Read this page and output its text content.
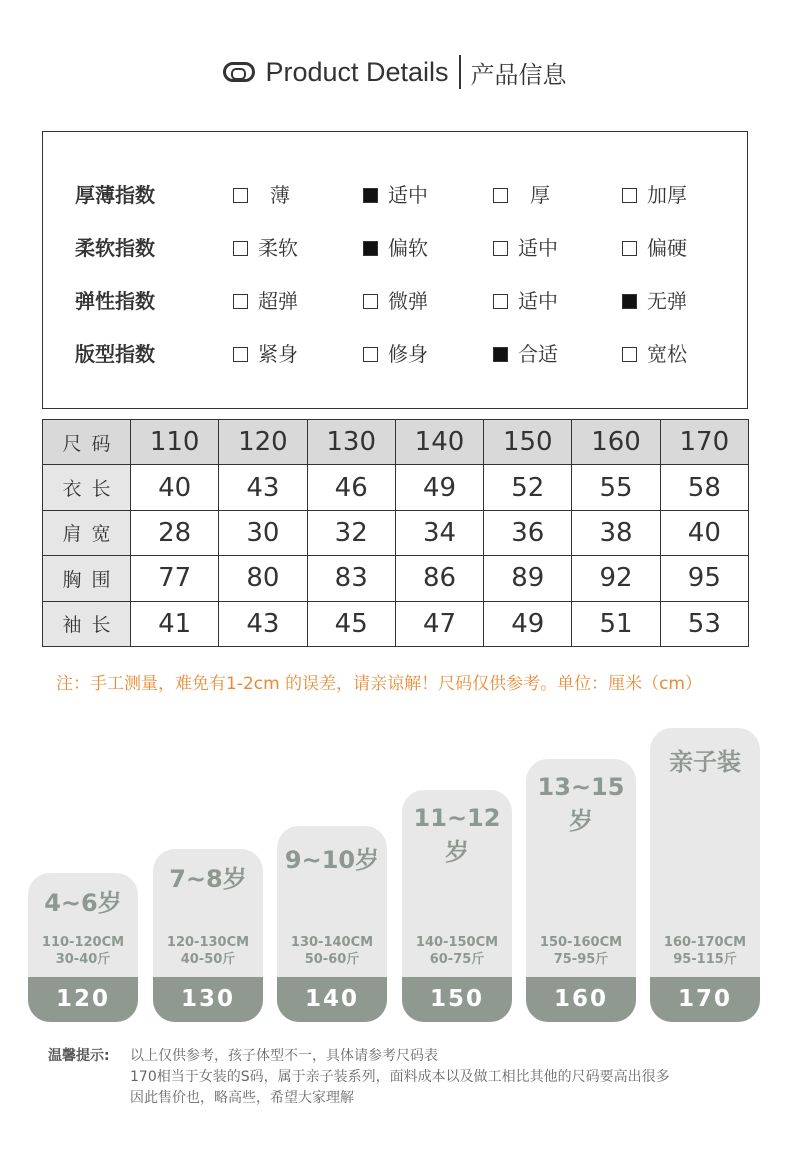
Product Details 产品信息
厚薄指数	薄	适中	厚	加厚
柔软指数	柔软	偏软	适中	偏硬
弹性指数	超弹	微弹	适中	无弹
版型指数	紧身	修身	合适	宽松
尺码	110	120	130	140	150	160	170
衣长	40	43	46	49	52	55	58
肩宽	28	30	32	34	36	38	40
胸围	77	80	83	86	89	92	95
袖长	41	43	45	47	49	51	53
注：手工测量，难免有1-2cm 的误差，请亲谅解！尺码仅供参考。单位：厘米（cm）
4~6岁
110-120CM
30-40斤
120
7~8岁
120-130CM
40-50斤
130
9~10岁
130-140CM
50-60斤
140
11~12岁
140-150CM
60-75斤
150
13~15岁
150-160CM
75-95斤
160
亲子装
160-170CM
95-115斤
170
温馨提示: 以上仅供参考，孩子体型不一，具体请参考尺码表
170相当于女装的S码，属于亲子装系列，面料成本以及做工相比其他的尺码要高出很多
因此售价也，略高些，希望大家理解
